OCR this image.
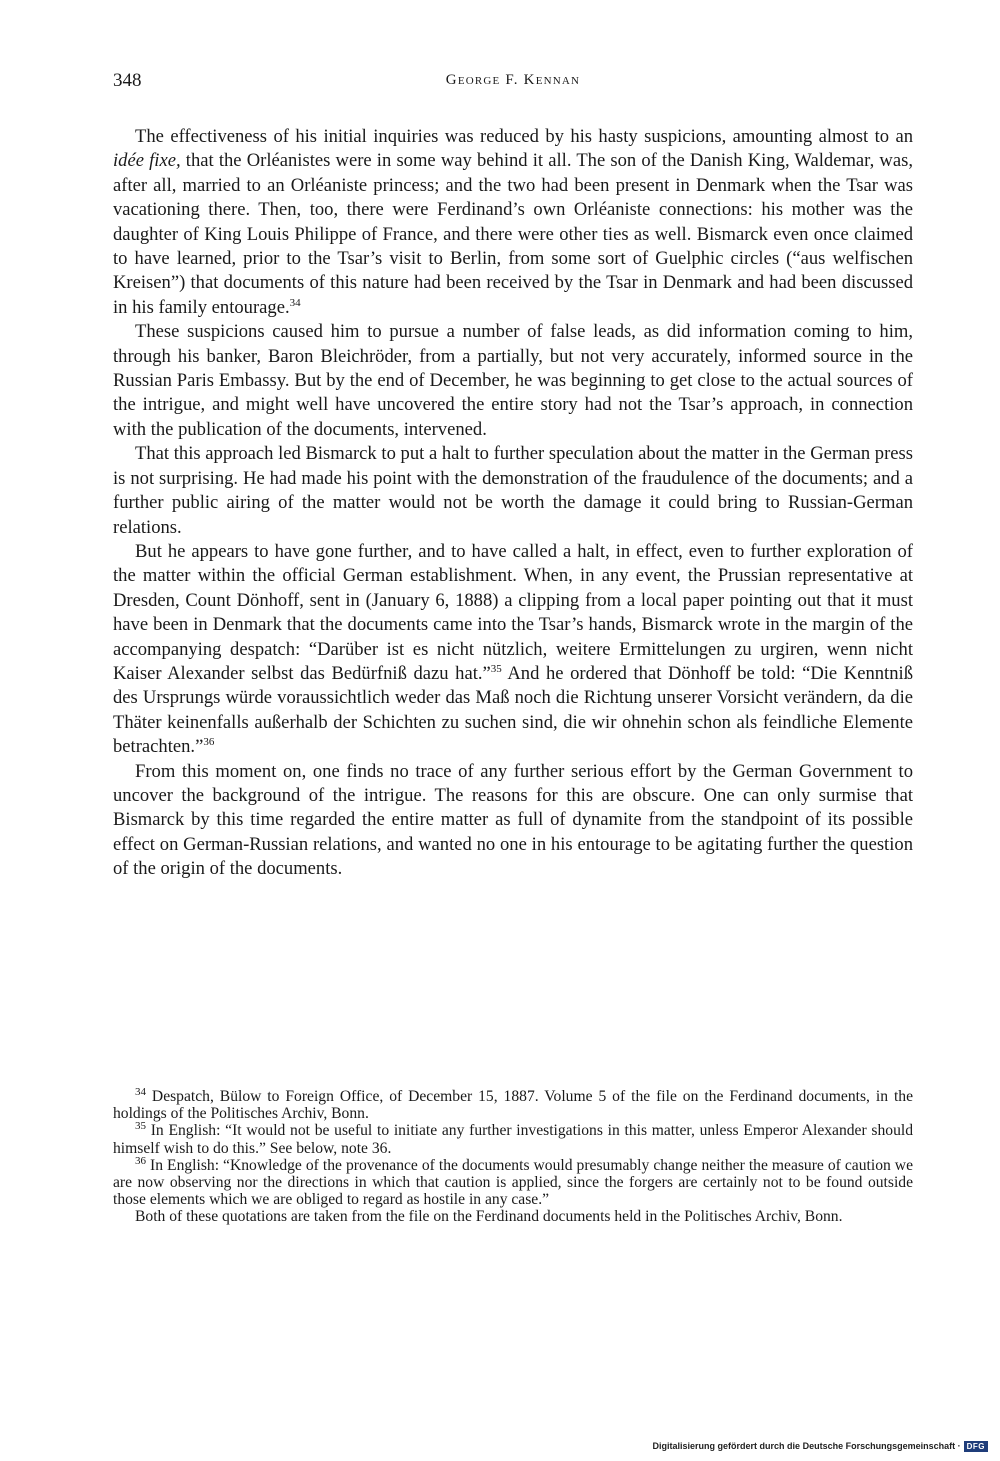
348	George F. Kennan

The effectiveness of his initial inquiries was reduced by his hasty suspicions, amounting almost to an idée fixe, that the Orléanistes were in some way behind it all. The son of the Danish King, Waldemar, was, after all, married to an Orléaniste princess; and the two had been present in Denmark when the Tsar was vacationing there. Then, too, there were Ferdinand’s own Orléaniste connections: his mother was the daughter of King Louis Philippe of France, and there were other ties as well. Bismarck even once claimed to have learned, prior to the Tsar’s visit to Berlin, from some sort of Guelphic circles (“aus welfischen Kreisen”) that documents of this nature had been received by the Tsar in Denmark and had been discussed in his family entourage.$^{34}$

These suspicions caused him to pursue a number of false leads, as did information coming to him, through his banker, Baron Bleichröder, from a partially, but not very accurately, informed source in the Russian Paris Embassy. But by the end of December, he was beginning to get close to the actual sources of the intrigue, and might well have uncovered the entire story had not the Tsar’s approach, in connection with the publication of the documents, intervened.

That this approach led Bismarck to put a halt to further speculation about the matter in the German press is not surprising. He had made his point with the demonstration of the fraudulence of the documents; and a further public airing of the matter would not be worth the damage it could bring to Russian-German relations.

But he appears to have gone further, and to have called a halt, in effect, even to further exploration of the matter within the official German establishment. When, in any event, the Prussian representative at Dresden, Count Dönhoff, sent in (January 6, 1888) a clipping from a local paper pointing out that it must have been in Denmark that the documents came into the Tsar’s hands, Bismarck wrote in the margin of the accompanying despatch: “Darüber ist es nicht nützlich, weitere Ermittelungen zu urgiren, wenn nicht Kaiser Alexander selbst das Bedürfniß dazu hat.”$^{35}$ And he ordered that Dönhoff be told: “Die Kenntniß des Ursprungs würde voraussichtlich weder das Maß noch die Richtung unserer Vorsicht verändern, da die Thäter keinenfalls außerhalb der Schichten zu suchen sind, die wir ohnehin schon als feindliche Elemente betrachten.”$^{36}$

From this moment on, one finds no trace of any further serious effort by the German Government to uncover the background of the intrigue. The reasons for this are obscure. One can only surmise that Bismarck by this time regarded the entire matter as full of dynamite from the standpoint of its possible effect on German-Russian relations, and wanted no one in his entourage to be agitating further the question of the origin of the documents.

$^{34}$ Despatch, Bülow to Foreign Office, of December 15, 1887. Volume 5 of the file on the Ferdinand documents, in the holdings of the Politisches Archiv, Bonn.

$^{35}$ In English: “It would not be useful to initiate any further investigations in this matter, unless Emperor Alexander should himself wish to do this.” See below, note 36.

$^{36}$ In English: “Knowledge of the provenance of the documents would presumably change neither the measure of caution we are now observing nor the directions in which that caution is applied, since the forgers are certainly not to be found outside those elements which we are obliged to regard as hostile in any case.”

Both of these quotations are taken from the file on the Ferdinand documents held in the Politisches Archiv, Bonn.

Digitalisierung gefördert durch die Deutsche Forschungsgemeinschaft · DFG
